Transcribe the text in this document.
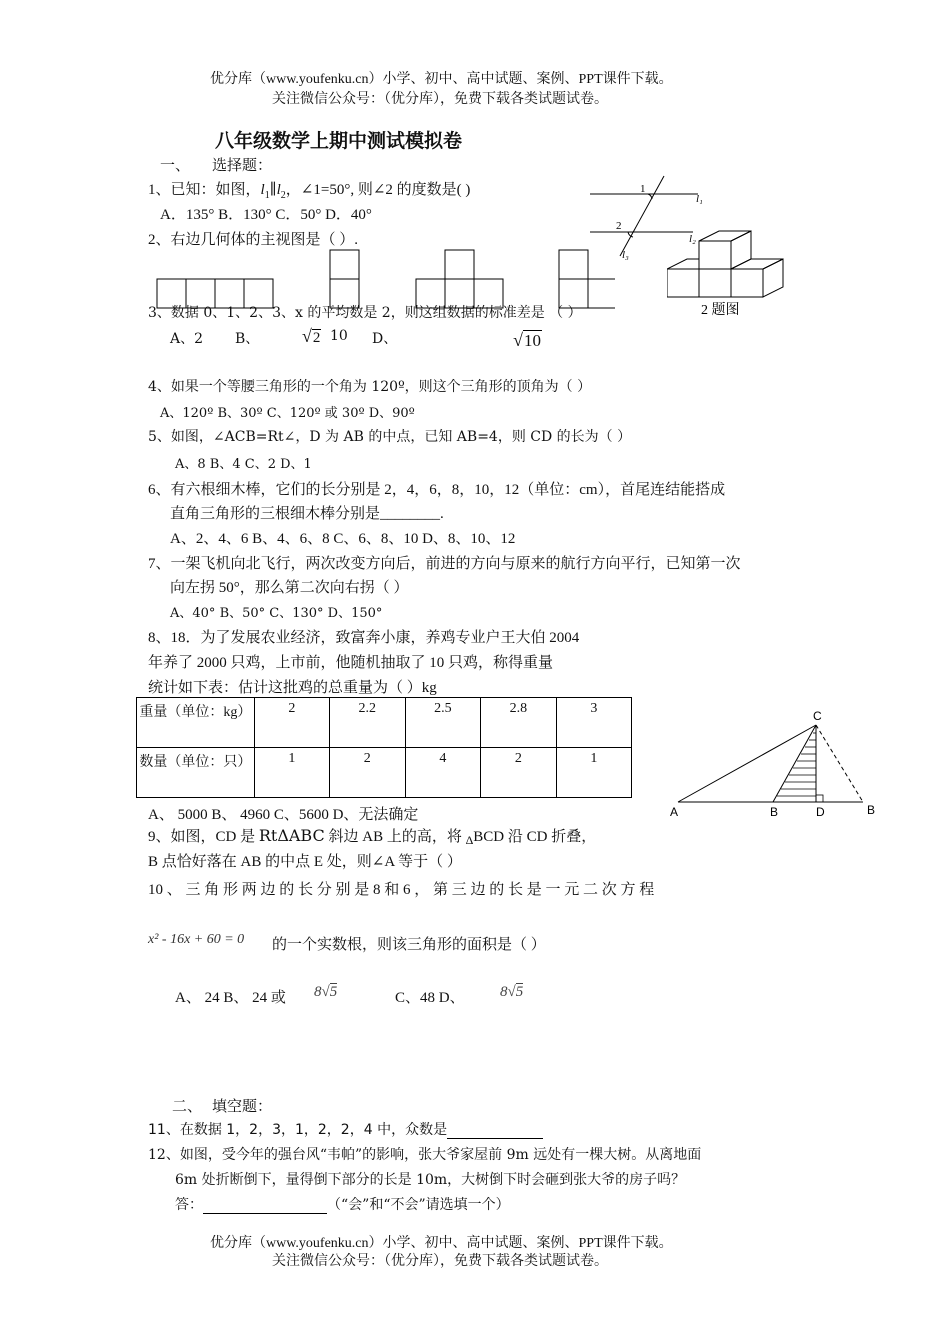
优分库（www.youfenku.cn）小学、初中、高中试题、案例、PPT课件下载。
关注微信公众号：（优分库），免费下载各类试题试卷。
八年级数学上期中测试模拟卷
一、 选择题：
1、已知：如图，$l_1\parallel l_2$，∠1=50°, 则∠2 的度数是( )
A．135° B．130° C．50° D．40°
1
2
l₁
l₂
l₃
2、右边几何体的主视图是（ ）.
2 题图
3、数据 0、1、2、3、x 的平均数是 2，则这组数据的标准差是 （ ）
A、2 B、 √2 10 D、	√10
4、如果一个等腰三角形的一个角为 120º，则这个三角形的顶角为（ ）
A、120º B、30º C、120º 或 30º D、90º
5、如图，∠ACB=Rt∠，D 为 AB 的中点，已知 AB=4，则 CD 的长为（ ）
A、8 B、4 C、2 D、1
6、有六根细木棒，它们的长分别是 2，4，6，8，10，12（单位：cm），首尾连结能搭成
直角三角形的三根细木棒分别是________.
A、2、4、6 B、4、6、8 C、6、8、10 D、8、10、12
7、一架飞机向北飞行，两次改变方向后，前进的方向与原来的航行方向平行，已知第一次
向左拐 50°，那么第二次向右拐（ ）
A、40° B、50° C、130° D、150°
8、18．为了发展农业经济，致富奔小康，养鸡专业户王大伯 2004
年养了 2000 只鸡，上市前，他随机抽取了 10 只鸡，称得重量
统计如下表：估计这批鸡的总重量为（ ）kg
重量（单位：kg）	2	2.2	2.5	2.8	3
数量（单位：只）	1	2	4	2	1
A、 5000 B、 4960 C、5600 D、无法确定
C
A	B	D	B
9、如图，CD 是 RtΔABC 斜边 AB 上的高，将 $_\Delta$BCD 沿 CD 折叠，
B 点恰好落在 AB 的中点 E 处，则∠A 等于（ ）
10 、 三 角 形 两 边 的 长 分 别 是 8 和 6 ， 第 三 边 的 长 是 一 元 二 次 方 程
x² - 16x + 60 = 0 的一个实数根，则该三角形的面积是（ ）
A、 24 B、 24 或 8√5	C、48 D、 8√5
二、 填空题：
11、在数据 1，2，3，1，2，2，4 中，众数是
12、如图，受今年的强台风“韦帕”的影响，张大爷家屋前 9m 远处有一棵大树。从离地面
6m 处折断倒下，量得倒下部分的长是 10m，大树倒下时会砸到张大爷的房子吗？
答：	（“会”和“不会”请选填一个）
优分库（www.youfenku.cn）小学、初中、高中试题、案例、PPT课件下载。
关注微信公众号：（优分库），免费下载各类试题试卷。
